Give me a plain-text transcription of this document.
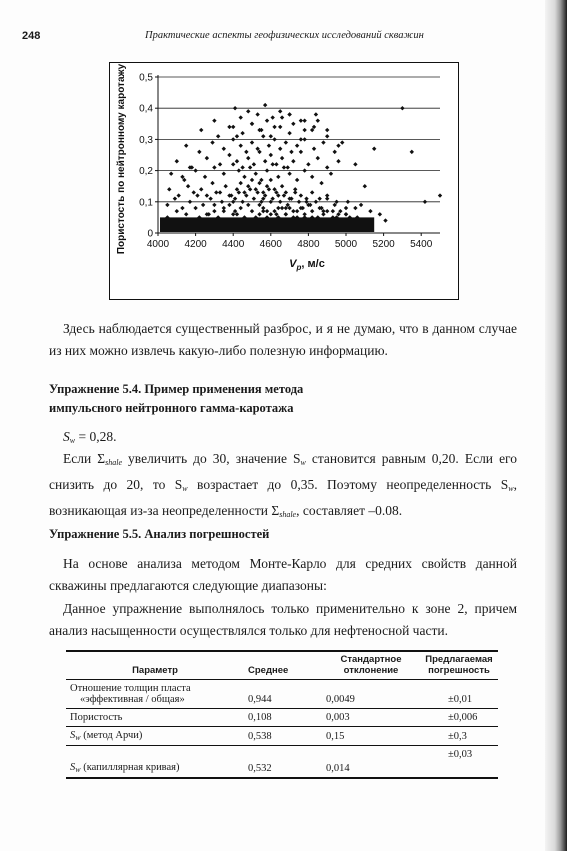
248	Практические аспекты геофизических исследований скважин
0
0,1
0,2
0,3
0,4
0,5
4000 4200 4400 4600 4800 5000 5200 5400
Пористость по нейтронному каротажу
$V_p$, м/с

Здесь наблюдается существенный разброс, и я не думаю, что в данном случае из них можно извлечь какую-либо полезную информацию.

Упражнение 5.4. Пример применения метода
импульсного нейтронного гамма-каротажа

$S_w = 0,28$.

Если $\Sigma_{shale}$ увеличить до 30, значение $S_w$ становится равным 0,20. Если его снизить до 20, то $S_w$ возрастает до 0,35. Поэтому неопределенность $S_w$, возникающая из-за неопределенности $\Sigma_{shale}$, составляет –0.08.

Упражнение 5.5. Анализ погрешностей

На основе анализа методом Монте-Карло для средних свойств данной скважины предлагаются следующие диапазоны:

Данное упражнение выполнялось только применительно к зоне 2, причем анализ насыщенности осуществлялся только для нефтеносной части.

Параметр	Среднее	Стандартное отклонение	Предлагаемая погрешность
Отношение толщин пласта
«эффективная / общая»	0,944	0,0049	±0,01
Пористость	0,108	0,003	±0,006
$S_w$ (метод Арчи)	0,538	0,15	±0,3
$S_w$ (капиллярная кривая)	0,532	0,014	±0,03
